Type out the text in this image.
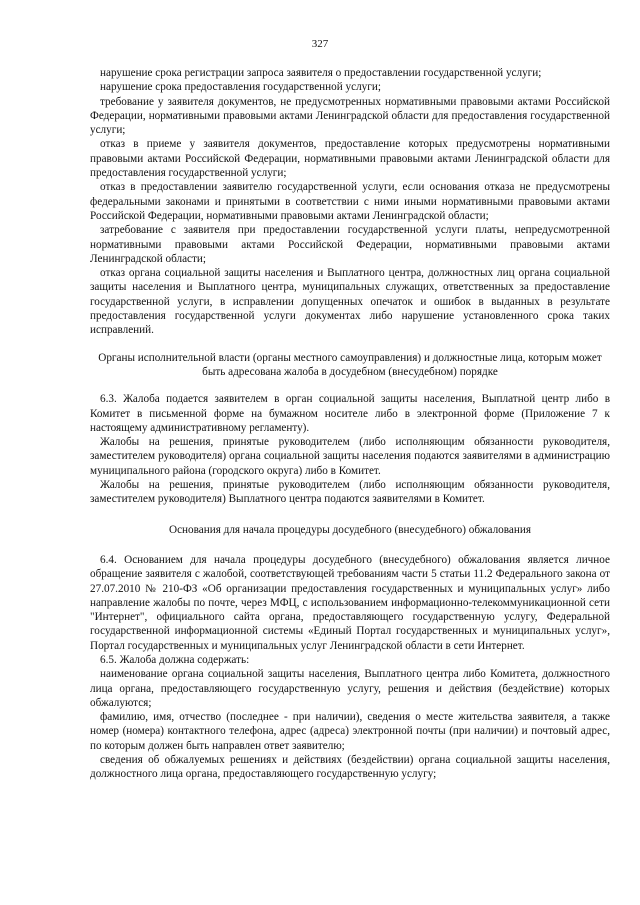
327

нарушение срока регистрации запроса заявителя о предоставлении государственной услуги;

нарушение срока предоставления государственной услуги;

требование у заявителя документов, не предусмотренных нормативными правовыми актами Российской Федерации, нормативными правовыми актами Ленинградской области для предоставления государственной услуги;

отказ в приеме у заявителя документов, предоставление которых предусмотрены нормативными правовыми актами Российской Федерации, нормативными правовыми актами Ленинградской области для предоставления государственной услуги;

отказ в предоставлении заявителю государственной услуги, если основания отказа не предусмотрены федеральными законами и принятыми в соответствии с ними иными нормативными правовыми актами Российской Федерации, нормативными правовыми актами Ленинградской области;

затребование с заявителя при предоставлении государственной услуги платы, непредусмотренной нормативными правовыми актами Российской Федерации, нормативными правовыми актами Ленинградской области;

отказ органа социальной защиты населения и Выплатного центра, должностных лиц органа социальной защиты населения и Выплатного центра, муниципальных служащих, ответственных за предоставление государственной услуги, в исправлении допущенных опечаток и ошибок в выданных в результате предоставления государственной услуги документах либо нарушение установленного срока таких исправлений.

Органы исполнительной власти (органы местного самоуправления) и должностные лица, которым может быть адресована жалоба в досудебном (внесудебном) порядке

6.3. Жалоба подается заявителем в орган социальной защиты населения, Выплатной центр либо в Комитет в письменной форме на бумажном носителе либо в электронной форме (Приложение 7 к настоящему административному регламенту).

Жалобы на решения, принятые руководителем (либо исполняющим обязанности руководителя, заместителем руководителя) органа социальной защиты населения подаются заявителями в администрацию муниципального района (городского округа) либо в Комитет.

Жалобы на решения, принятые руководителем (либо исполняющим обязанности руководителя, заместителем руководителя) Выплатного центра подаются заявителями в Комитет.

Основания для начала процедуры досудебного (внесудебного) обжалования

6.4. Основанием для начала процедуры досудебного (внесудебного) обжалования является личное обращение заявителя с жалобой, соответствующей требованиям части 5 статьи 11.2 Федерального закона от 27.07.2010 № 210-ФЗ «Об организации предоставления государственных и муниципальных услуг» либо направление жалобы по почте, через МФЦ, с использованием информационно-телекоммуникационной сети "Интернет", официального сайта органа, предоставляющего государственную услугу, Федеральной государственной информационной системы «Единый Портал государственных и муниципальных услуг», Портал государственных и муниципальных услуг Ленинградской области в сети Интернет.

6.5. Жалоба должна содержать:

наименование органа социальной защиты населения, Выплатного центра либо Комитета, должностного лица органа, предоставляющего государственную услугу, решения и действия (бездействие) которых обжалуются;

фамилию, имя, отчество (последнее - при наличии), сведения о месте жительства заявителя, а также номер (номера) контактного телефона, адрес (адреса) электронной почты (при наличии) и почтовый адрес, по которым должен быть направлен ответ заявителю;

сведения об обжалуемых решениях и действиях (бездействии) органа социальной защиты населения, должностного лица органа, предоставляющего государственную услугу;
